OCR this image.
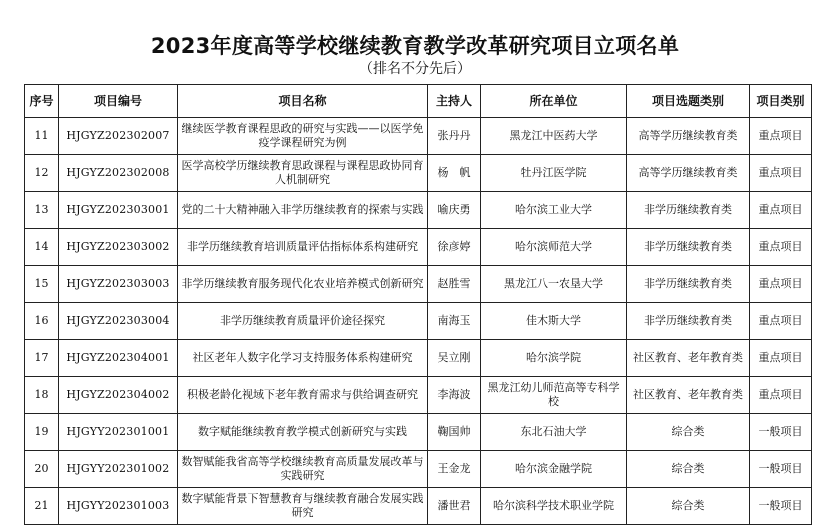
2023年度高等学校继续教育教学改革研究项目立项名单
（排名不分先后）
序号	项目编号	项目名称	主持人	所在单位	项目选题类别	项目类别
11	HJGYZ202302007	继续医学教育课程思政的研究与实践——以医学免疫学课程研究为例	张丹丹	黑龙江中医药大学	高等学历继续教育类	重点项目
12	HJGYZ202302008	医学高校学历继续教育思政课程与课程思政协同育人机制研究	杨　帆	牡丹江医学院	高等学历继续教育类	重点项目
13	HJGYZ202303001	党的二十大精神融入非学历继续教育的探索与实践	喻庆勇	哈尔滨工业大学	非学历继续教育类	重点项目
14	HJGYZ202303002	非学历继续教育培训质量评估指标体系构建研究	徐彦婷	哈尔滨师范大学	非学历继续教育类	重点项目
15	HJGYZ202303003	非学历继续教育服务现代化农业培养模式创新研究	赵胜雪	黑龙江八一农垦大学	非学历继续教育类	重点项目
16	HJGYZ202303004	非学历继续教育质量评价途径探究	南海玉	佳木斯大学	非学历继续教育类	重点项目
17	HJGYZ202304001	社区老年人数字化学习支持服务体系构建研究	吴立刚	哈尔滨学院	社区教育、老年教育类	重点项目
18	HJGYZ202304002	积极老龄化视域下老年教育需求与供给调查研究	李海波	黑龙江幼儿师范高等专科学校	社区教育、老年教育类	重点项目
19	HJGYY202301001	数字赋能继续教育教学模式创新研究与实践	鞠国帅	东北石油大学	综合类	一般项目
20	HJGYY202301002	数智赋能我省高等学校继续教育高质量发展改革与实践研究	王金龙	哈尔滨金融学院	综合类	一般项目
21	HJGYY202301003	数字赋能背景下智慧教育与继续教育融合发展实践研究	潘世君	哈尔滨科学技术职业学院	综合类	一般项目
